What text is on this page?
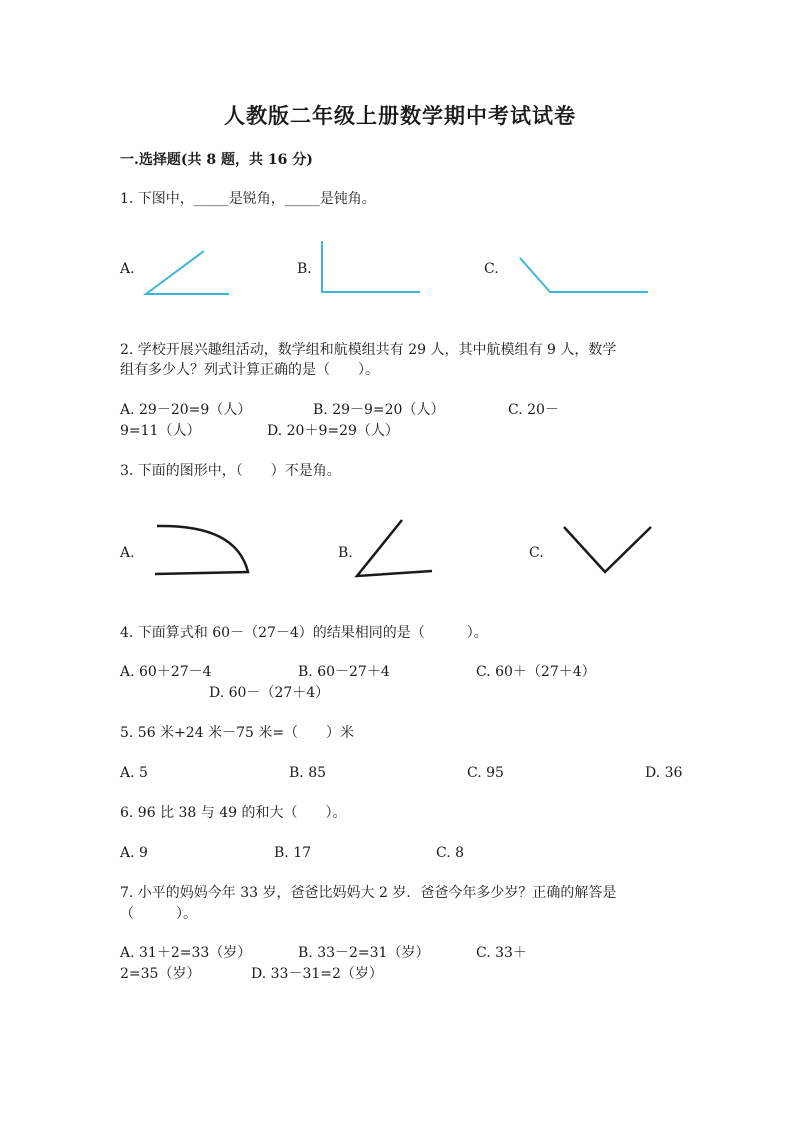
人教版二年级上册数学期中考试试卷
一.选择题(共 8 题，共 16 分)
1. 下图中，_____是锐角，_____是钝角。
A.	B.	C.
2. 学校开展兴趣组活动，数学组和航模组共有 29 人，其中航模组有 9 人，数学
组有多少人？列式计算正确的是（　　）。
A. 29－20=9（人）	B. 29－9=20（人）	C. 20－
9=11（人）	D. 20＋9=29（人）
3. 下面的图形中，（　　）不是角。
A.	B.	C.
4. 下面算式和 60－（27－4）的结果相同的是（　　　）。
A. 60＋27－4	B. 60－27＋4	C. 60＋（27＋4）
D. 60－（27＋4）
5. 56 米+24 米－75 米=（　　）米
A. 5	B. 85	C. 95	D. 36
6. 96 比 38 与 49 的和大（　　）。
A. 9	B. 17	C. 8
7. 小平的妈妈今年 33 岁，爸爸比妈妈大 2 岁．爸爸今年多少岁？正确的解答是
（　　　）。
A. 31＋2=33（岁）	B. 33－2=31（岁）	C. 33＋
2=35（岁）	D. 33－31=2（岁）
